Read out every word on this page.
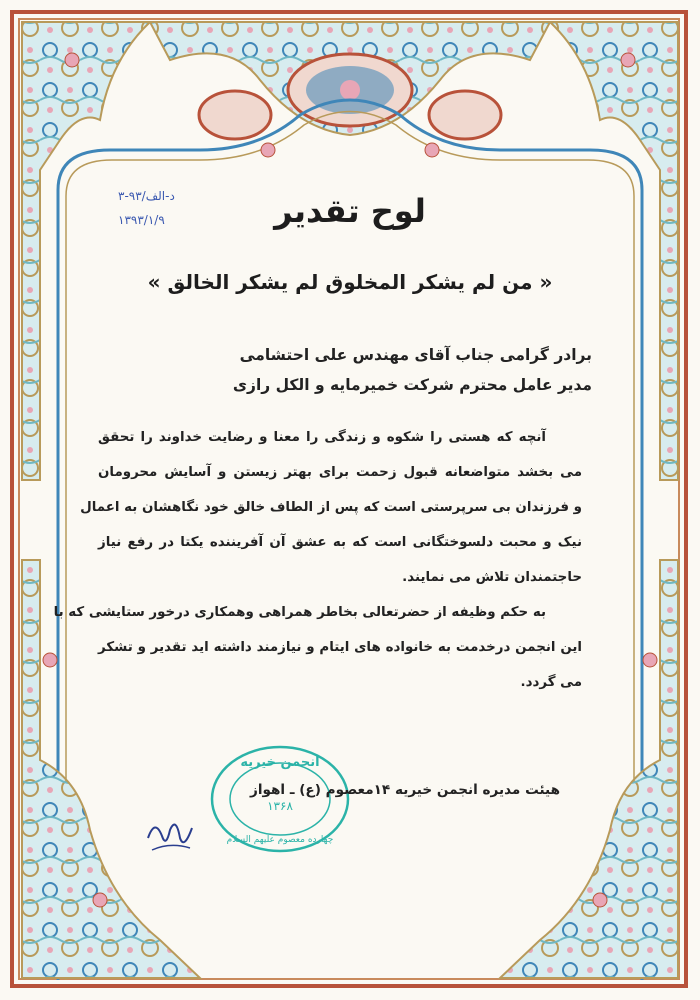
۳-۹۳/د-الف
۱۳۹۳/۱/۹	لوح تقدیر
« من لم یشکر المخلوق لم یشکر الخالق »
برادر گرامی جناب آقای مهندس علی احتشامی
مدیر عامل محترم شرکت خمیرمایه و الکل رازی
آنچه که هستی را شکوه و زندگی را معنا و رضایت خداوند را تحقق
می بخشد متواضعانه قبول زحمت برای بهتر زیستن و آسایش محرومان
و فرزندان بی سرپرستی است که پس از الطاف خالق خود نگاهشان به اعمال
نیک و محبت دلسوختگانی است که به عشق آن آفریننده یکتا در رفع نیاز
حاجتمندان تلاش می نمایند.
به حکم وظیفه از حضرتعالی بخاطر همراهی وهمکاری درخور ستایشی که با
این انجمن درخدمت به خانواده های ایتام و نیازمند داشته اید تقدیر و تشکر
می گردد.
انجمن خیریه
۱۳۶۸
چهارده معصوم علیهم السلام
هیئت مدیره انجمن خیریه ۱۴معصوم (ع) ـ اهواز
